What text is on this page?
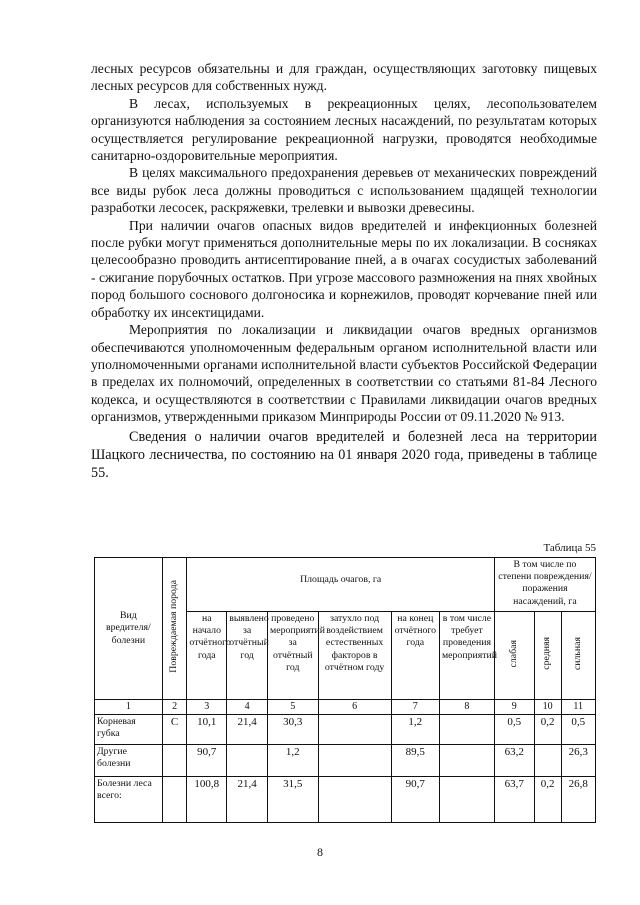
лесных ресурсов обязательны и для граждан, осуществляющих заготовку пищевых лесных ресурсов для собственных нужд.

В лесах, используемых в рекреационных целях, лесопользователем организуются наблюдения за состоянием лесных насаждений, по результатам которых осуществляется регулирование рекреационной нагрузки, проводятся необходимые санитарно-оздоровительные мероприятия.

В целях максимального предохранения деревьев от механических повреждений все виды рубок леса должны проводиться с использованием щадящей технологии разработки лесосек, раскряжевки, трелевки и вывозки древесины.

При наличии очагов опасных видов вредителей и инфекционных болезней после рубки могут применяться дополнительные меры по их локализации. В сосняках целесообразно проводить антисептирование пней, а в очагах сосудистых заболеваний - сжигание порубочных остатков. При угрозе массового размножения на пнях хвойных пород большого соснового долгоносика и корнежилов, проводят корчевание пней или обработку их инсектицидами.

Мероприятия по локализации и ликвидации очагов вредных организмов обеспечиваются уполномоченным федеральным органом исполнительной власти или уполномоченными органами исполнительной власти субъектов Российской Федерации в пределах их полномочий, определенных в соответствии со статьями 81-84 Лесного кодекса, и осуществляются в соответствии с Правилами ликвидации очагов вредных организмов, утвержденными приказом Минприроды России от 09.11.2020 № 913.

Сведения о наличии очагов вредителей и болезней леса на территории Шацкого лесничества, по состоянию на 01 января 2020 года, приведены в таблице 55.

Таблица 55
Вид вредителя/ болезни	Повреждаемая порода	Площадь очагов, га						В том числе по степени повреждения/поражения насаждений, га		
		на начало отчётного года	выявлено за отчётный год	проведено мероприятий за отчётный год	затухло под воздействием естественных факторов в отчётном году	на конец отчётного года	в том числе требует проведения мероприятий	слабая	средняя	сильная
1	2	3	4	5	6	7	8	9	10	11
Корневая губка	С	10,1	21,4	30,3		1,2		0,5	0,2	0,5
Другие болезни		90,7		1,2		89,5		63,2		26,3
Болезни леса всего:		100,8	21,4	31,5		90,7		63,7	0,2	26,8
8
